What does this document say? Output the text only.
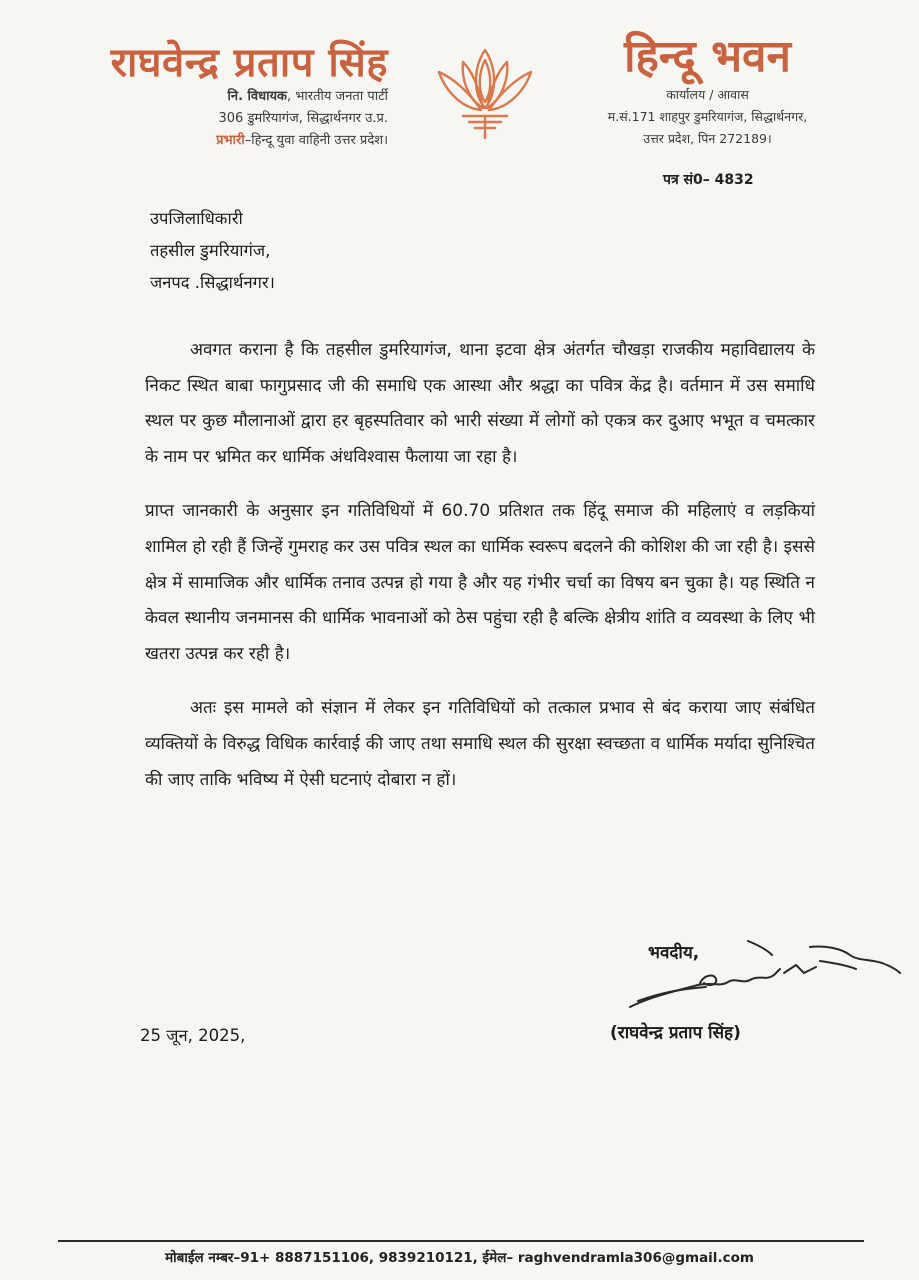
राघवेन्द्र प्रताप सिंह
नि. विधायक, भारतीय जनता पार्टी
306 डुमरियागंज, सिद्धार्थनगर उ.प्र.
प्रभारी–हिन्दू युवा वाहिनी उत्तर प्रदेश।
हिन्दू भवन
कार्यालय / आवास
म.सं.171 शाहपुर डुमरियागंज, सिद्धार्थनगर,
उत्तर प्रदेश, पिन 272189।
पत्र सं0– 4832
उपजिलाधिकारी
तहसील डुमरियागंज,
जनपद .सिद्धार्थनगर।

अवगत कराना है कि तहसील डुमरियागंज, थाना इटवा क्षेत्र अंतर्गत चौखड़ा राजकीय महाविद्यालय के निकट स्थित बाबा फागुप्रसाद जी की समाधि एक आस्था और श्रद्धा का पवित्र केंद्र है। वर्तमान में उस समाधि स्थल पर कुछ मौलानाओं द्वारा हर बृहस्पतिवार को भारी संख्या में लोगों को एकत्र कर दुआए भभूत व चमत्कार के नाम पर भ्रमित कर धार्मिक अंधविश्वास फैलाया जा रहा है।

प्राप्त जानकारी के अनुसार इन गतिविधियों में 60.70 प्रतिशत तक हिंदू समाज की महिलाएं व लड़कियां शामिल हो रही हैं जिन्हें गुमराह कर उस पवित्र स्थल का धार्मिक स्वरूप बदलने की कोशिश की जा रही है। इससे क्षेत्र में सामाजिक और धार्मिक तनाव उत्पन्न हो गया है और यह गंभीर चर्चा का विषय बन चुका है। यह स्थिति न केवल स्थानीय जनमानस की धार्मिक भावनाओं को ठेस पहुंचा रही है बल्कि क्षेत्रीय शांति व व्यवस्था के लिए भी खतरा उत्पन्न कर रही है।

अतः इस मामले को संज्ञान में लेकर इन गतिविधियों को तत्काल प्रभाव से बंद कराया जाए संबंधित व्यक्तियों के विरुद्ध विधिक कार्रवाई की जाए तथा समाधि स्थल की सुरक्षा स्वच्छता व धार्मिक मर्यादा सुनिश्चित की जाए ताकि भविष्य में ऐसी घटनाएं दोबारा न हों।

भवदीय,
(राघवेन्द्र प्रताप सिंह)
25 जून, 2025,
मोबाईल नम्बर–91+ 8887151106, 9839210121, ईमेल– raghvendramla306@gmail.com
